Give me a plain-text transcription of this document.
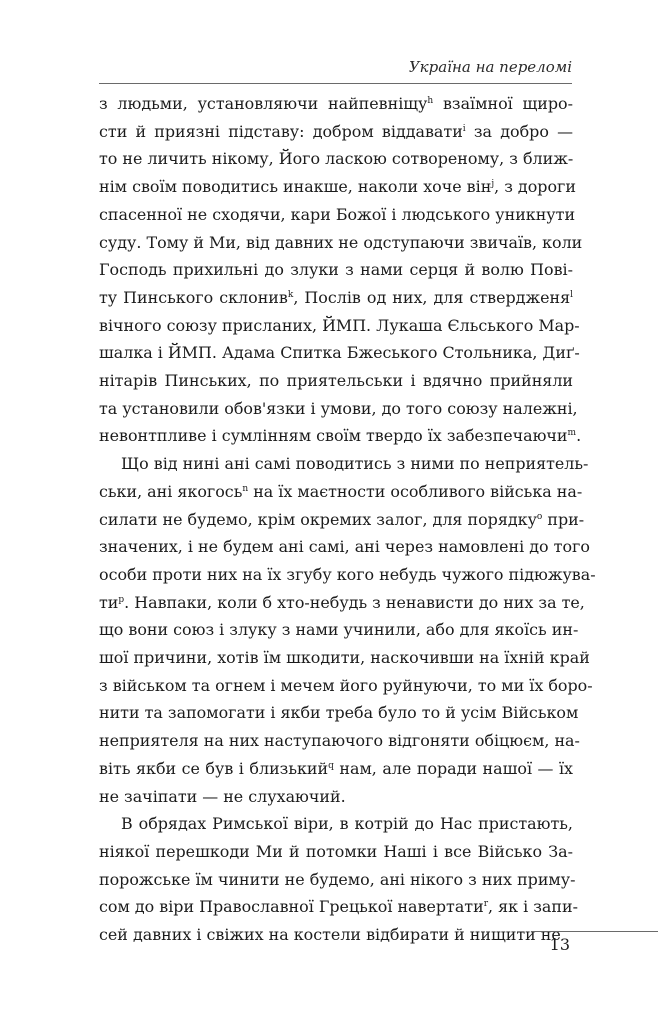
Україна на переломі
з людьми, установляючи найпевніщу$^h$ взаїмної щиро-
сти й приязні підставу: добром віддавати$^i$ за добро —
то не личить нікому, Його ласкою сотвореному, з ближ-
нім своїм поводитись инакше, наколи хоче він$^j$, з дороги
спасенної не сходячи, кари Божої і людського уникнути
суду. Тому й Ми, від давних не одступаючи звичаїв, коли
Господь прихильні до злуки з нами серця й волю Пові-
ту Пинського склонив$^k$, Послів од них, для ствердженя$^l$
вічного союзу присланих, ЙМП. Лукаша Єльського Мар-
шалка і ЙМП. Адама Спитка Бжеського Стольника, Диґ-
нітарів Пинських, по приятельськи і вдячно прийняли
та установили обов'язки і умови, до того союзу належні,
невонтпливе і сумлінням своїм твердо їх забезпечаючи$^m$.
Що від нині ані самі поводитись з ними по неприятель-
ськи, ані якогось$^n$ на їх маєтности особливого війська на-
силати не будемо, крім окремих залог, для порядку$^o$ при-
значених, і не будем ані самі, ані через намовлені до того
особи проти них на їх згубу кого небудь чужого підюжува-
$ти^p$. Навпаки, коли б хто-небудь з ненависти до них за те,
що вони союз і злуку з нами учинили, або для якоїсь ин-
шої причини, хотів їм шкодити, наскочивши на їхній край
з військом та огнем і мечем його руйнуючи, то ми їх боро-
нити та запомогати і якби треба було то й усім Військом
неприятеля на них наступаючого відгоняти обіцюєм, на-
віть якби се був і близький$^q$ нам, але поради нашої — їх
не зачіпати — не слухаючий.
В обрядах Римської віри, в котрій до Нас пристають,
ніякої перешкоди Ми й потомки Наші і все Військо За-
порожське їм чинити не будемо, ані нікого з них приму-
сом до віри Православної Грецької навертати$^r$, як і запи-
сей давних і свіжих на костели відбирати й нищити не
13
